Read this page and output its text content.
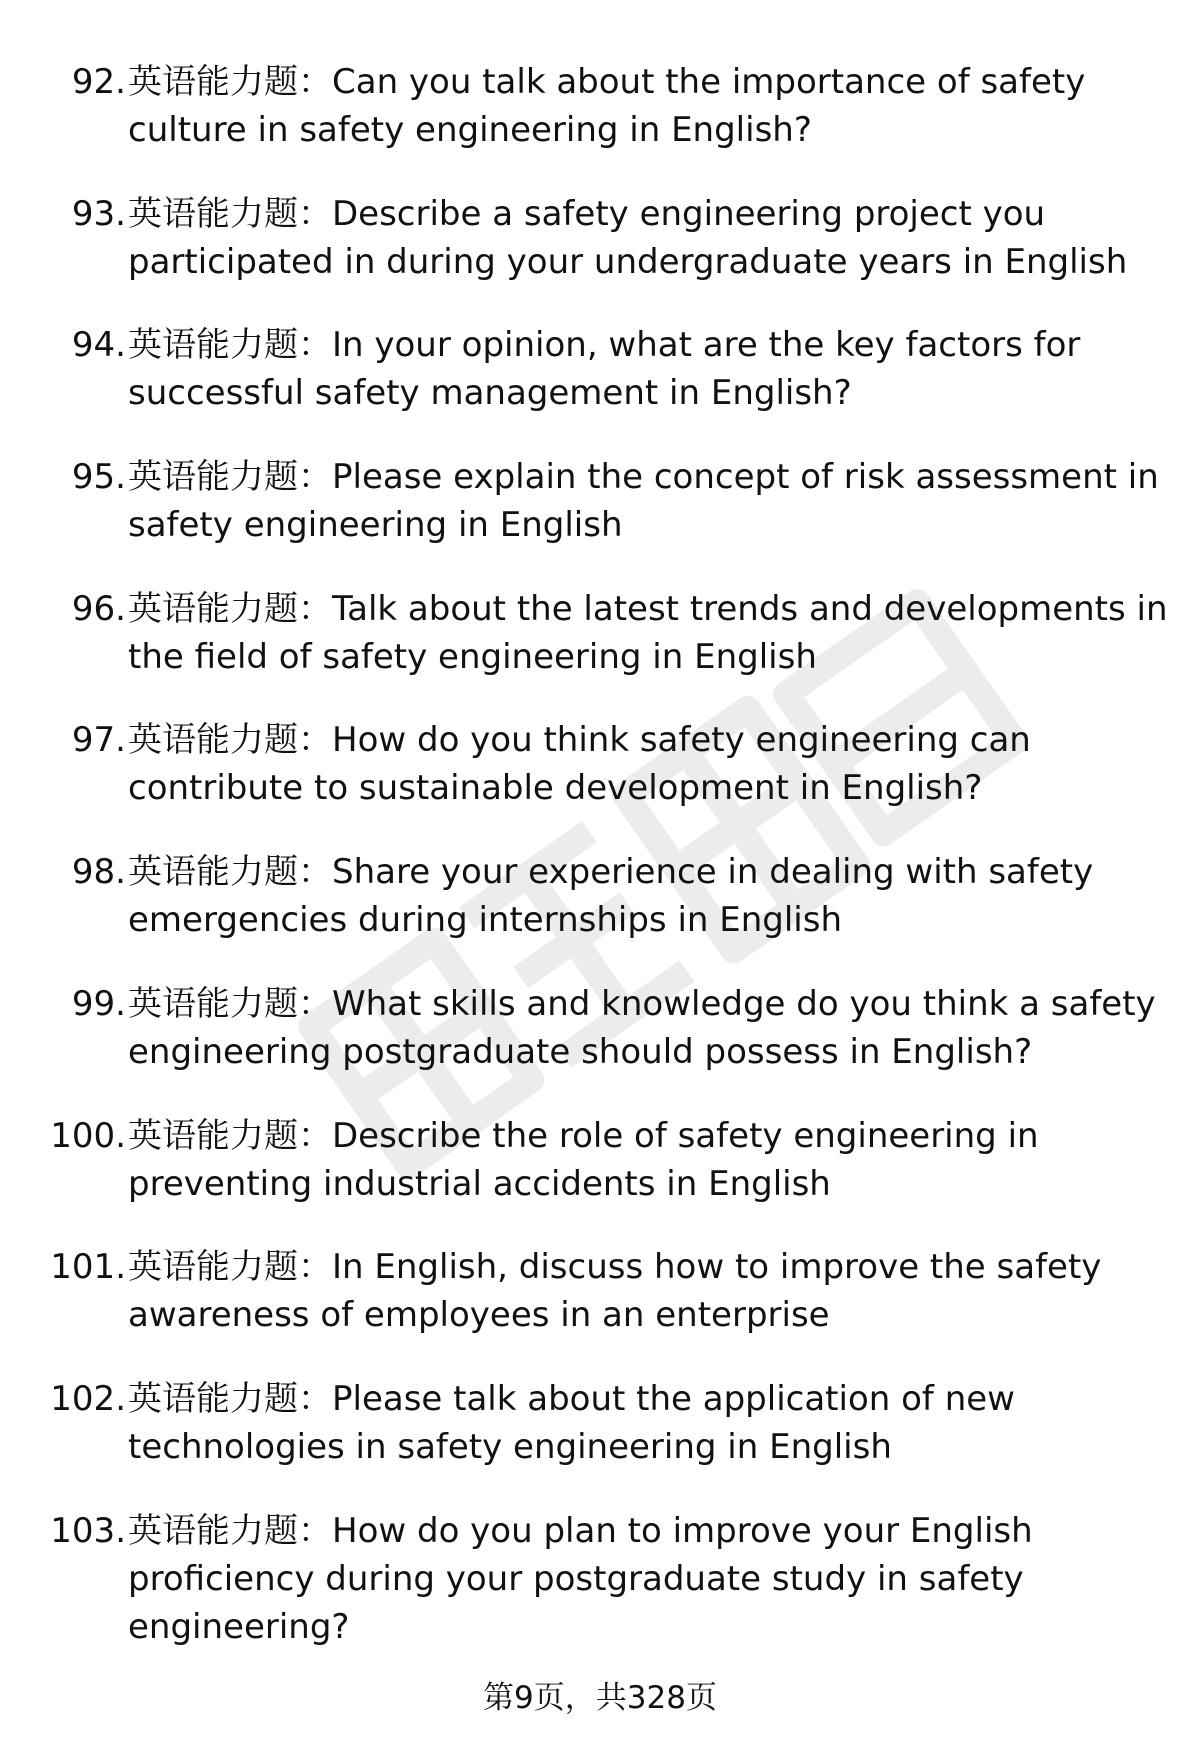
92. 英语能力题：Can you talk about the importance of safety culture in safety engineering in English?
93. 英语能力题：Describe a safety engineering project you participated in during your undergraduate years in English
94. 英语能力题：In your opinion, what are the key factors for successful safety management in English?
95. 英语能力题：Please explain the concept of risk assessment in safety engineering in English
96. 英语能力题：Talk about the latest trends and developments in the field of safety engineering in English
97. 英语能力题：How do you think safety engineering can contribute to sustainable development in English?
98. 英语能力题：Share your experience in dealing with safety emergencies during internships in English
99. 英语能力题：What skills and knowledge do you think a safety engineering postgraduate should possess in English?
100. 英语能力题：Describe the role of safety engineering in preventing industrial accidents in English
101. 英语能力题：In English, discuss how to improve the safety awareness of employees in an enterprise
102. 英语能力题：Please talk about the application of new technologies in safety engineering in English
103. 英语能力题：How do you plan to improve your English proficiency during your postgraduate study in safety engineering?
第9页，共328页
